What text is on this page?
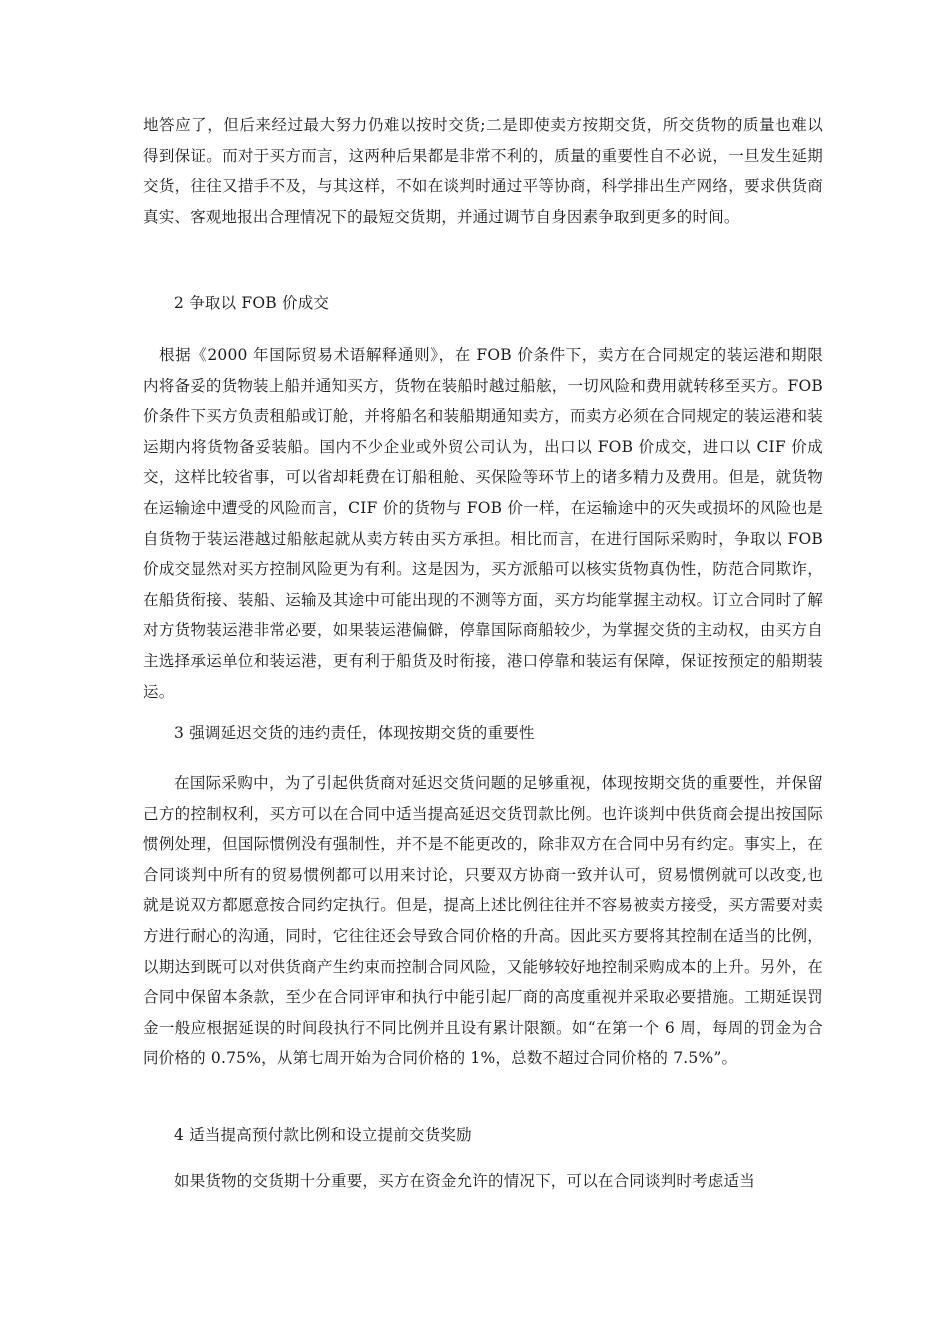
地答应了，但后来经过最大努力仍难以按时交货;二是即使卖方按期交货，所交货物的质量也难以得到保证。而对于买方而言，这两种后果都是非常不利的，质量的重要性自不必说，一旦发生延期交货，往往又措手不及，与其这样，不如在谈判时通过平等协商，科学排出生产网络，要求供货商真实、客观地报出合理情况下的最短交货期，并通过调节自身因素争取到更多的时间。

2 争取以 FOB 价成交

根据《2000 年国际贸易术语解释通则》，在 FOB 价条件下，卖方在合同规定的装运港和期限内将备妥的货物装上船并通知买方，货物在装船时越过船舷，一切风险和费用就转移至买方。FOB 价条件下买方负责租船或订舱，并将船名和装船期通知卖方，而卖方必须在合同规定的装运港和装运期内将货物备妥装船。国内不少企业或外贸公司认为，出口以 FOB 价成交，进口以 CIF 价成交，这样比较省事，可以省却耗费在订船租舱、买保险等环节上的诸多精力及费用。但是，就货物在运输途中遭受的风险而言，CIF 价的货物与 FOB 价一样，在运输途中的灭失或损坏的风险也是自货物于装运港越过船舷起就从卖方转由买方承担。相比而言，在进行国际采购时，争取以 FOB 价成交显然对买方控制风险更为有利。这是因为，买方派船可以核实货物真伪性，防范合同欺诈，在船货衔接、装船、运输及其途中可能出现的不测等方面，买方均能掌握主动权。订立合同时了解对方货物装运港非常必要，如果装运港偏僻，停靠国际商船较少，为掌握交货的主动权，由买方自主选择承运单位和装运港，更有利于船货及时衔接，港口停靠和装运有保障，保证按预定的船期装运。

3 强调延迟交货的违约责任，体现按期交货的重要性

在国际采购中，为了引起供货商对延迟交货问题的足够重视，体现按期交货的重要性，并保留己方的控制权利，买方可以在合同中适当提高延迟交货罚款比例。也许谈判中供货商会提出按国际惯例处理，但国际惯例没有强制性，并不是不能更改的，除非双方在合同中另有约定。事实上，在合同谈判中所有的贸易惯例都可以用来讨论，只要双方协商一致并认可，贸易惯例就可以改变,也就是说双方都愿意按合同约定执行。但是，提高上述比例往往并不容易被卖方接受，买方需要对卖方进行耐心的沟通，同时，它往往还会导致合同价格的升高。因此买方要将其控制在适当的比例，以期达到既可以对供货商产生约束而控制合同风险，又能够较好地控制采购成本的上升。另外，在合同中保留本条款，至少在合同评审和执行中能引起厂商的高度重视并采取必要措施。工期延误罚金一般应根据延误的时间段执行不同比例并且设有累计限额。如“在第一个 6 周，每周的罚金为合同价格的 0.75%，从第七周开始为合同价格的 1%，总数不超过合同价格的 7.5%”。

4 适当提高预付款比例和设立提前交货奖励

如果货物的交货期十分重要，买方在资金允许的情况下，可以在合同谈判时考虑适当
